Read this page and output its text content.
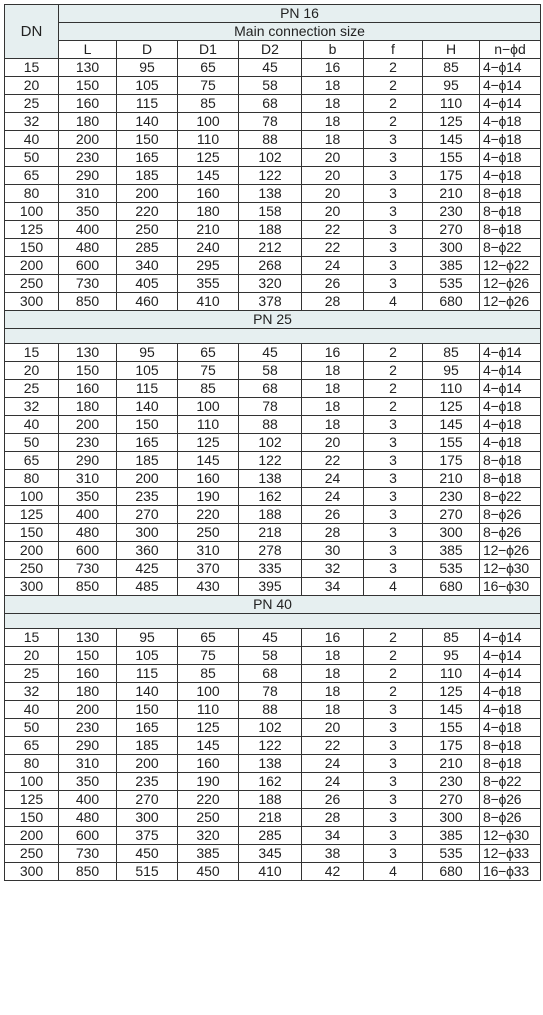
DN	PN 16							
	Main connection size							
	L	D	D1	D2	b	f	H	n−ϕd
15	130	95	65	45	16	2	85	4−ϕ14
20	150	105	75	58	18	2	95	4−ϕ14
25	160	115	85	68	18	2	110	4−ϕ14
32	180	140	100	78	18	2	125	4−ϕ18
40	200	150	110	88	18	3	145	4−ϕ18
50	230	165	125	102	20	3	155	4−ϕ18
65	290	185	145	122	20	3	175	4−ϕ18
80	310	200	160	138	20	3	210	8−ϕ18
100	350	220	180	158	20	3	230	8−ϕ18
125	400	250	210	188	22	3	270	8−ϕ18
150	480	285	240	212	22	3	300	8−ϕ22
200	600	340	295	268	24	3	385	12−ϕ22
250	730	405	355	320	26	3	535	12−ϕ26
300	850	460	410	378	28	4	680	12−ϕ26
PN 25								

15	130	95	65	45	16	2	85	4−ϕ14
20	150	105	75	58	18	2	95	4−ϕ14
25	160	115	85	68	18	2	110	4−ϕ14
32	180	140	100	78	18	2	125	4−ϕ18
40	200	150	110	88	18	3	145	4−ϕ18
50	230	165	125	102	20	3	155	4−ϕ18
65	290	185	145	122	22	3	175	8−ϕ18
80	310	200	160	138	24	3	210	8−ϕ18
100	350	235	190	162	24	3	230	8−ϕ22
125	400	270	220	188	26	3	270	8−ϕ26
150	480	300	250	218	28	3	300	8−ϕ26
200	600	360	310	278	30	3	385	12−ϕ26
250	730	425	370	335	32	3	535	12−ϕ30
300	850	485	430	395	34	4	680	16−ϕ30
PN 40								

15	130	95	65	45	16	2	85	4−ϕ14
20	150	105	75	58	18	2	95	4−ϕ14
25	160	115	85	68	18	2	110	4−ϕ14
32	180	140	100	78	18	2	125	4−ϕ18
40	200	150	110	88	18	3	145	4−ϕ18
50	230	165	125	102	20	3	155	4−ϕ18
65	290	185	145	122	22	3	175	8−ϕ18
80	310	200	160	138	24	3	210	8−ϕ18
100	350	235	190	162	24	3	230	8−ϕ22
125	400	270	220	188	26	3	270	8−ϕ26
150	480	300	250	218	28	3	300	8−ϕ26
200	600	375	320	285	34	3	385	12−ϕ30
250	730	450	385	345	38	3	535	12−ϕ33
300	850	515	450	410	42	4	680	16−ϕ33
